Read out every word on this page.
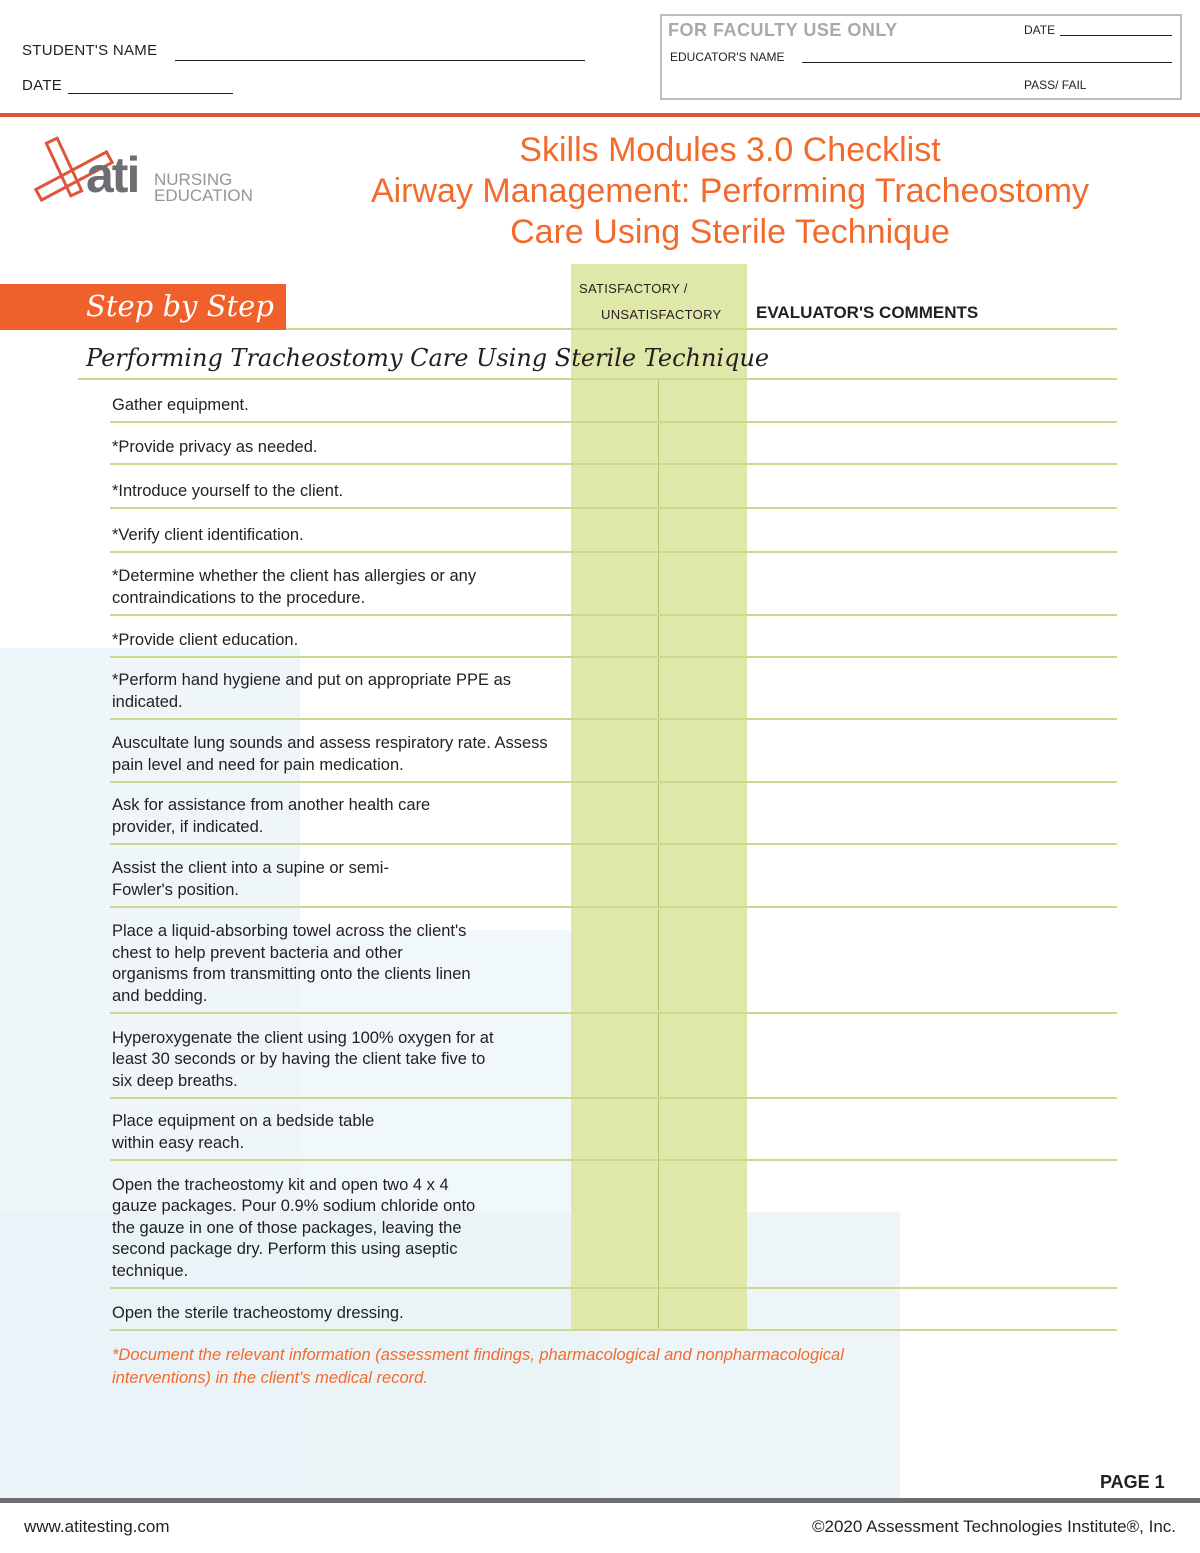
STUDENT'S NAME
DATE
FOR FACULTY USE ONLY	DATE
EDUCATOR'S NAME
PASS/ FAIL
ati NURSING
EDUCATION
Skills Modules 3.0 Checklist
Airway Management: Performing Tracheostomy
Care Using Sterile Technique
Step by Step
SATISFACTORY /
UNSATISFACTORY EVALUATOR'S COMMENTS
Performing Tracheostomy Care Using Sterile Technique
Gather equipment.
*Provide privacy as needed.
*Introduce yourself to the client.
*Verify client identification.
*Determine whether the client has allergies or any contraindications to the procedure.
*Provide client education.
*Perform hand hygiene and put on appropriate PPE as indicated.
Auscultate lung sounds and assess respiratory rate. Assess pain level and need for pain medication.
Ask for assistance from another health care provider, if indicated.
Assist the client into a supine or semi-Fowler's position.
Place a liquid-absorbing towel across the client's chest to help prevent bacteria and other organisms from transmitting onto the clients linen and bedding.
Hyperoxygenate the client using 100% oxygen for at least 30 seconds or by having the client take five to six deep breaths.
Place equipment on a bedside table within easy reach.
Open the tracheostomy kit and open two 4 x 4 gauze packages. Pour 0.9% sodium chloride onto the gauze in one of those packages, leaving the second package dry. Perform this using aseptic technique.
Open the sterile tracheostomy dressing.
*Document the relevant information (assessment findings, pharmacological and nonpharmacological interventions) in the client's medical record.
PAGE 1
www.atitesting.com	©2020 Assessment Technologies Institute®, Inc.
